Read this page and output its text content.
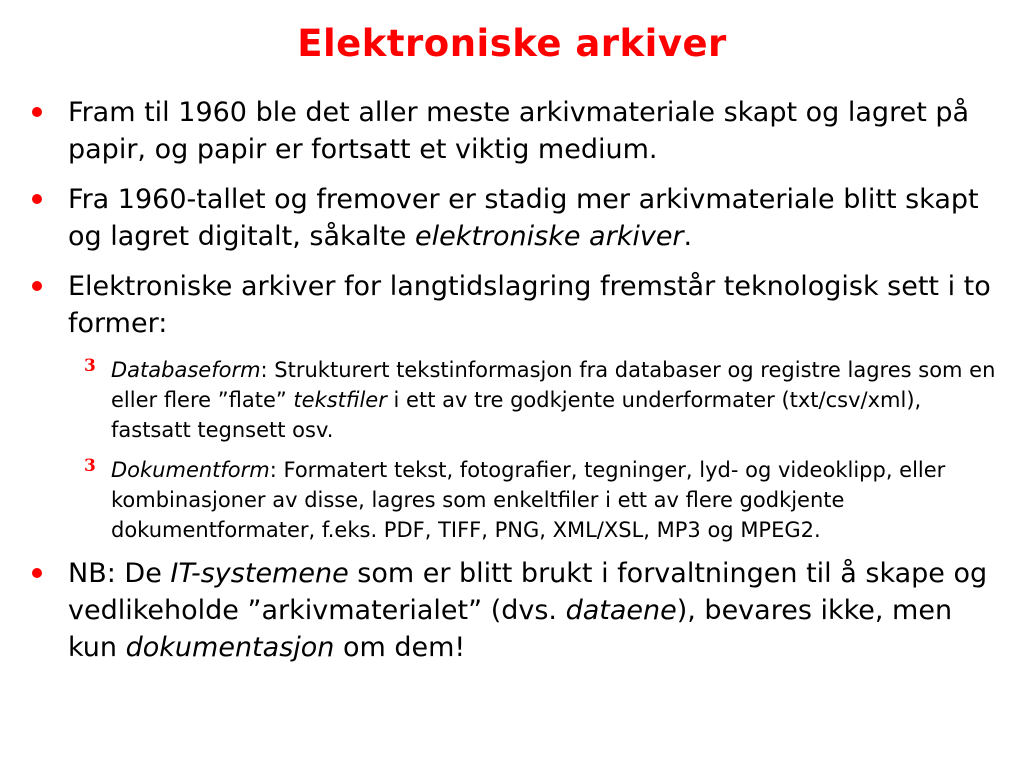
Elektroniske arkiver
Fram til 1960 ble det aller meste arkivmateriale skapt og lagret på papir, og papir er fortsatt et viktig medium.
Fra 1960-tallet og fremover er stadig mer arkivmateriale blitt skapt og lagret digitalt, såkalte elektroniske arkiver.
Elektroniske arkiver for langtidslagring fremstår teknologisk sett i to former:
3 Databaseform: Strukturert tekstinformasjon fra databaser og registre lagres som en eller flere ”flate” tekstfiler i ett av tre godkjente underformater (txt/csv/xml), fastsatt tegnsett osv.
3 Dokumentform: Formatert tekst, fotografier, tegninger, lyd- og videoklipp, eller kombinasjoner av disse, lagres som enkeltfiler i ett av flere godkjente dokumentformater, f.eks. PDF, TIFF, PNG, XML/XSL, MP3 og MPEG2.
NB: De IT-systemene som er blitt brukt i forvaltningen til å skape og vedlikeholde ”arkivmaterialet” (dvs. dataene), bevares ikke, men kun dokumentasjon om dem!
